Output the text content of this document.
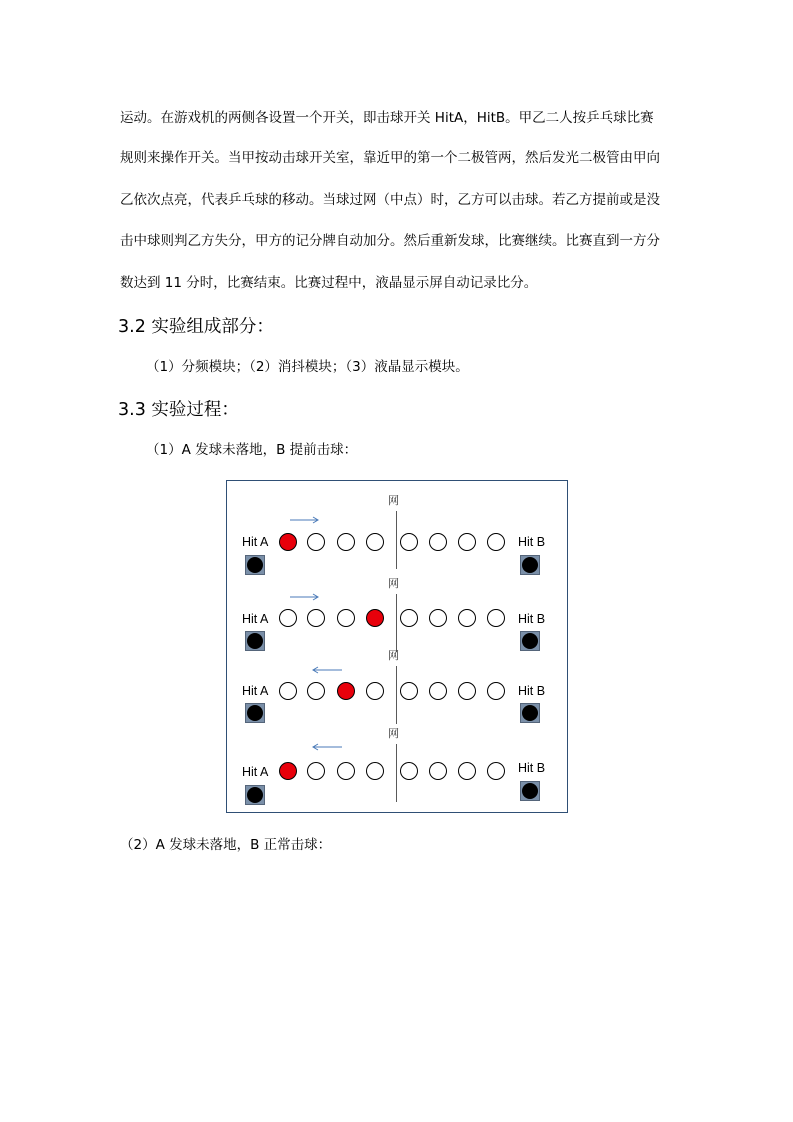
运动。在游戏机的两侧各设置一个开关，即击球开关 HitA，HitB。甲乙二人按乒乓球比赛
规则来操作开关。当甲按动击球开关室，靠近甲的第一个二极管两，然后发光二极管由甲向
乙依次点亮，代表乒乓球的移动。当球过网（中点）时，乙方可以击球。若乙方提前或是没
击中球则判乙方失分，甲方的记分牌自动加分。然后重新发球，比赛继续。比赛直到一方分
数达到 11 分时，比赛结束。比赛过程中，液晶显示屏自动记录比分。
3.2 实验组成部分：
（1）分频模块；（2）消抖模块；（3）液晶显示模块。
3.3 实验过程：
（1）A 发球未落地，B 提前击球：
网
Hit A	Hit B
网
Hit A	Hit B
网
Hit A	Hit B
网
Hit A	Hit B
（2）A 发球未落地，B 正常击球：
